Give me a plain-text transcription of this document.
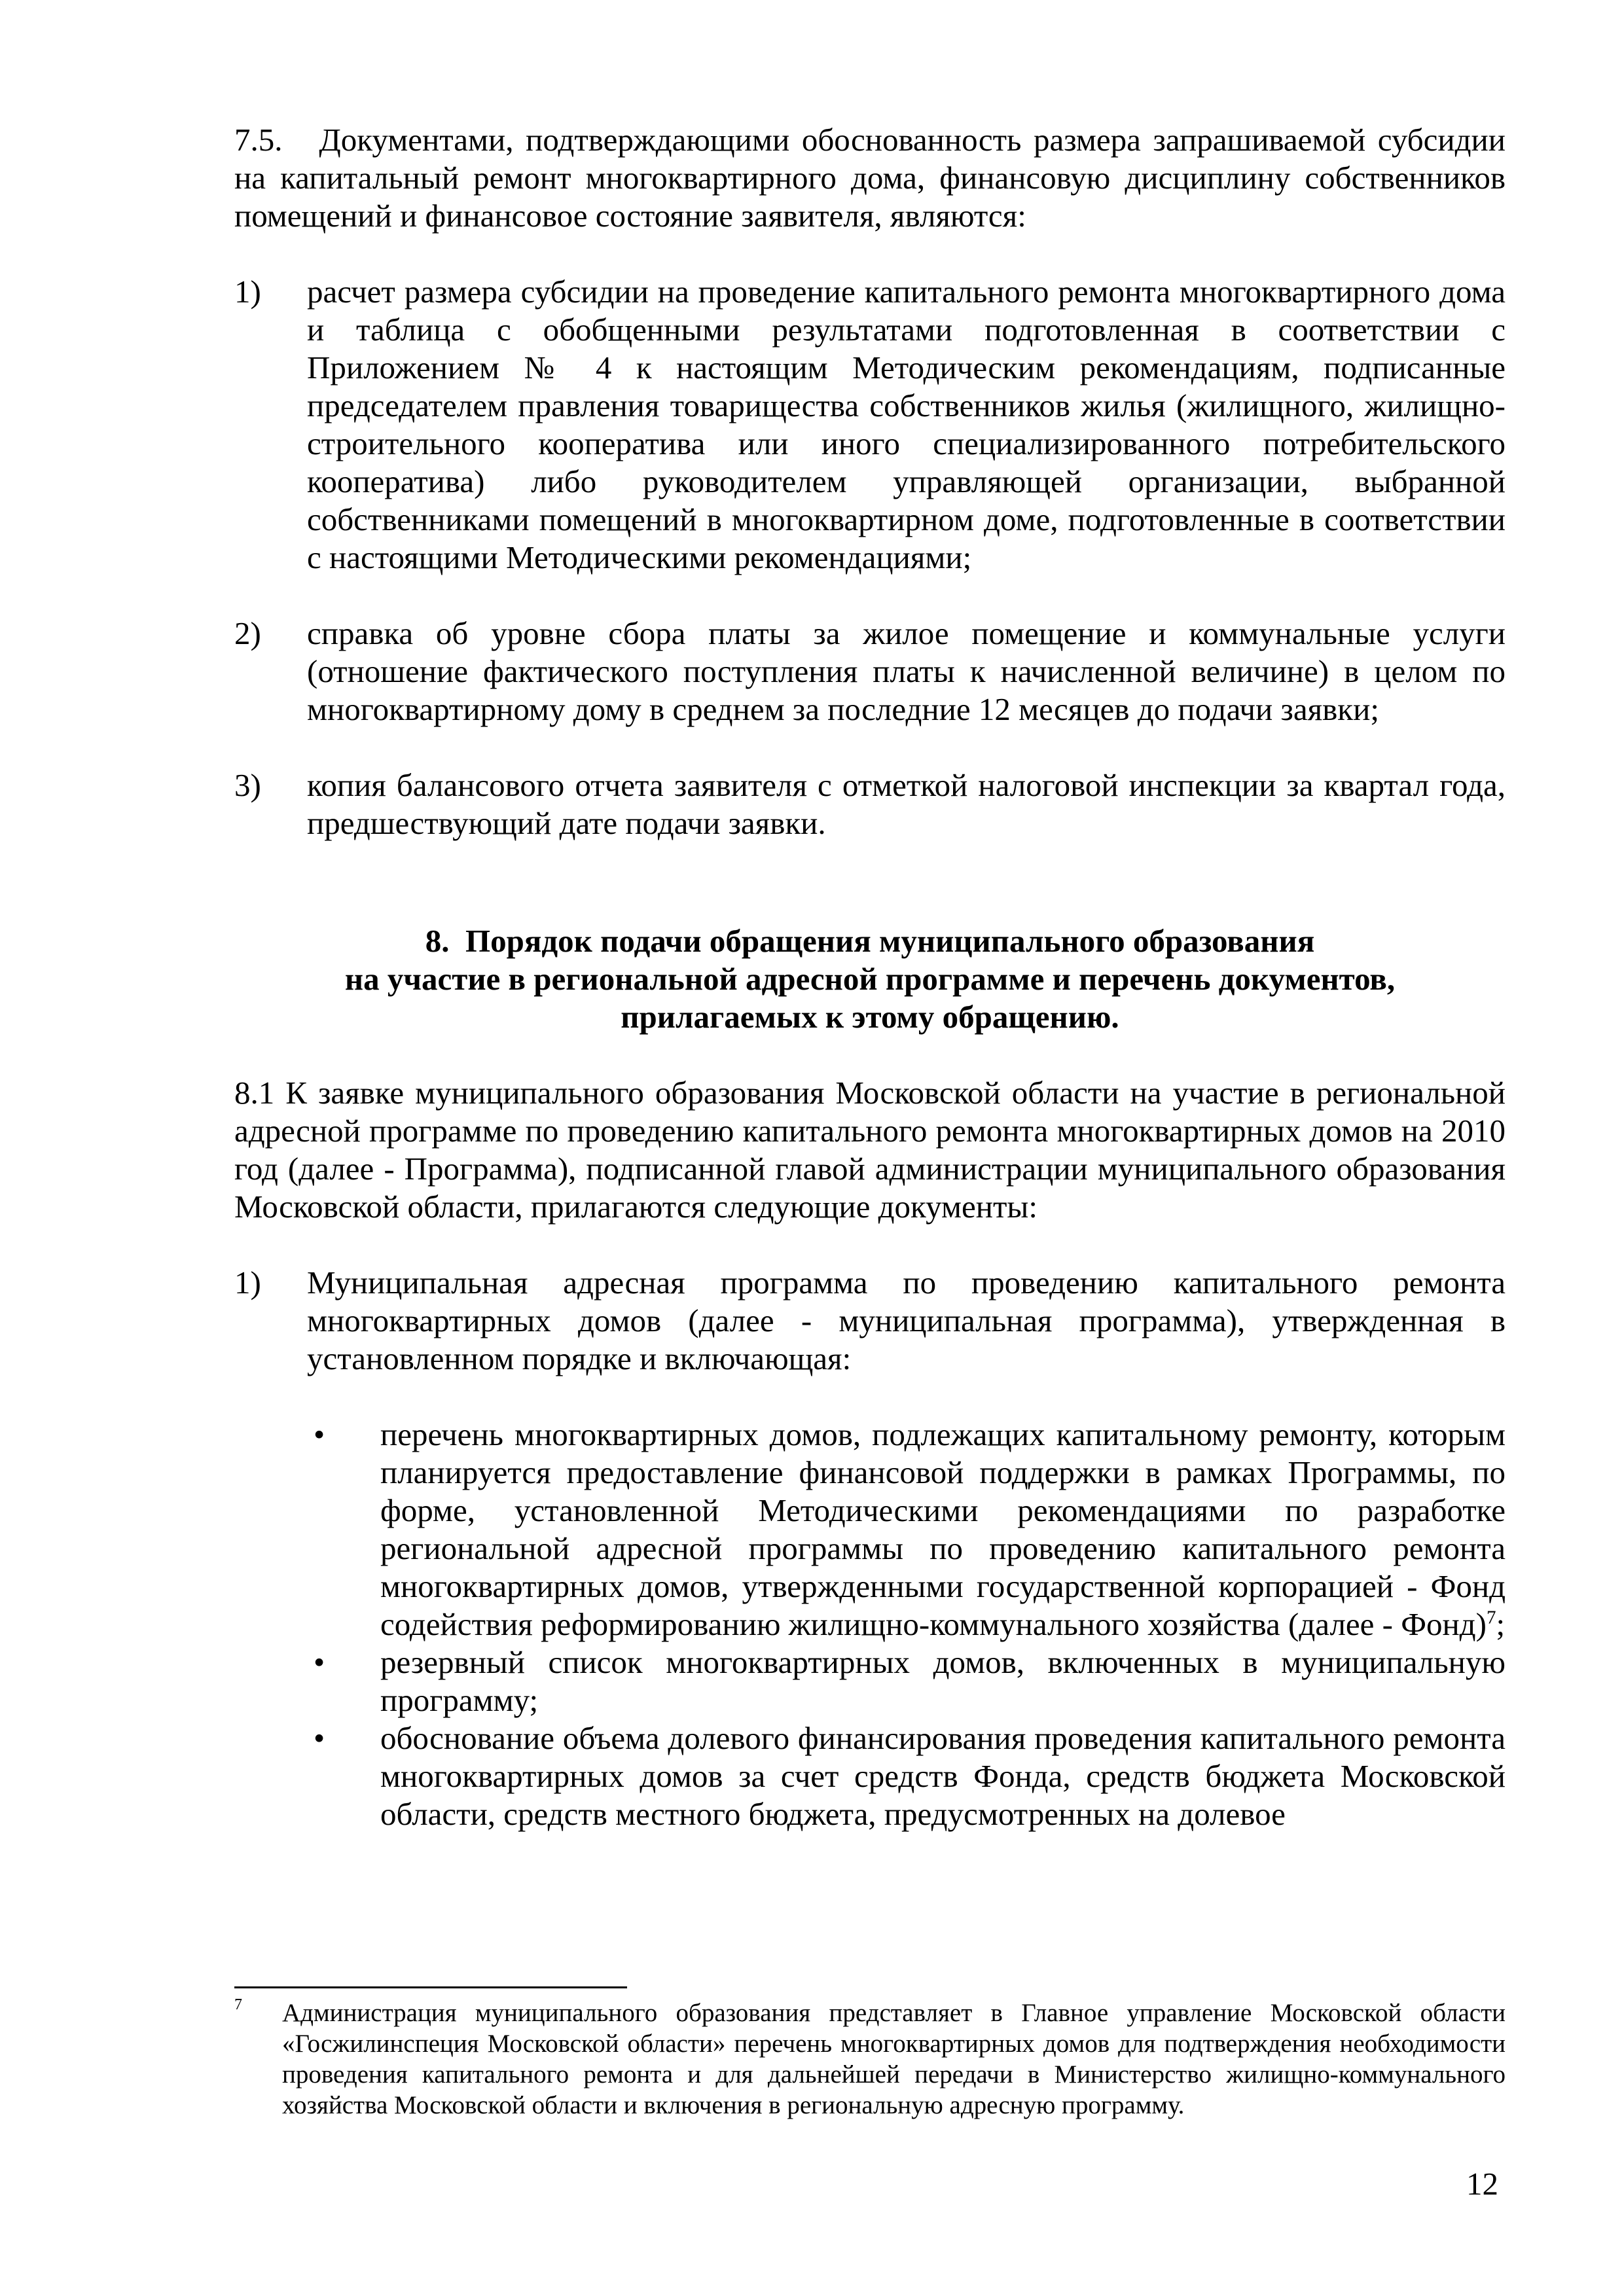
7.5.   Документами, подтверждающими обоснованность размера запрашиваемой субсидии на капитальный ремонт многоквартирного дома, финансовую дисциплину собственников помещений и финансовое состояние заявителя, являются:

1) расчет размера субсидии на проведение капитального ремонта многоквартирного дома и таблица с обобщенными результатами подготовленная в соответствии с Приложением № 4 к настоящим Методическим рекомендациям, подписанные председателем правления товарищества собственников жилья (жилищного, жилищно-строительного кооператива или иного специализированного потребительского кооператива) либо руководителем управляющей организации, выбранной собственниками помещений в многоквартирном доме, подготовленные в соответствии с настоящими Методическими рекомендациями;

2) справка об уровне сбора платы за жилое помещение и коммунальные услуги (отношение фактического поступления платы к начисленной величине) в целом по многоквартирному дому в среднем за последние 12 месяцев до подачи заявки;

3) копия балансового отчета заявителя с отметкой налоговой инспекции за квартал года, предшествующий дате подачи заявки.

8.  Порядок подачи обращения муниципального образования
на участие в региональной адресной программе и перечень документов,
прилагаемых к этому обращению.

8.1 К заявке муниципального образования Московской области на участие в региональной адресной программе по проведению капитального ремонта многоквартирных домов на 2010 год (далее - Программа), подписанной главой администрации муниципального образования Московской области, прилагаются следующие документы:

1) Муниципальная адресная программа по проведению капитального ремонта многоквартирных домов (далее - муниципальная программа), утвержденная в установленном порядке и включающая:

• перечень многоквартирных домов, подлежащих капитальному ремонту, которым планируется предоставление финансовой поддержки в рамках Программы, по форме, установленной Методическими рекомендациями по разработке региональной адресной программы по проведению капитального ремонта многоквартирных домов, утвержденными государственной корпорацией - Фонд содействия реформированию жилищно-коммунального хозяйства (далее - Фонд)$^7$;
• резервный список многоквартирных домов, включенных в муниципальную программу;
• обоснование объема долевого финансирования проведения капитального ремонта многоквартирных домов за счет средств Фонда, средств бюджета Московской области, средств местного бюджета, предусмотренных на долевое
7	Администрация муниципального образования представляет в Главное управление Московской области «Госжилинспеция Московской области» перечень многоквартирных домов для подтверждения необходимости проведения капитального ремонта и для дальнейшей передачи в Министерство жилищно-коммунального хозяйства Московской области и включения в региональную адресную программу.
12
